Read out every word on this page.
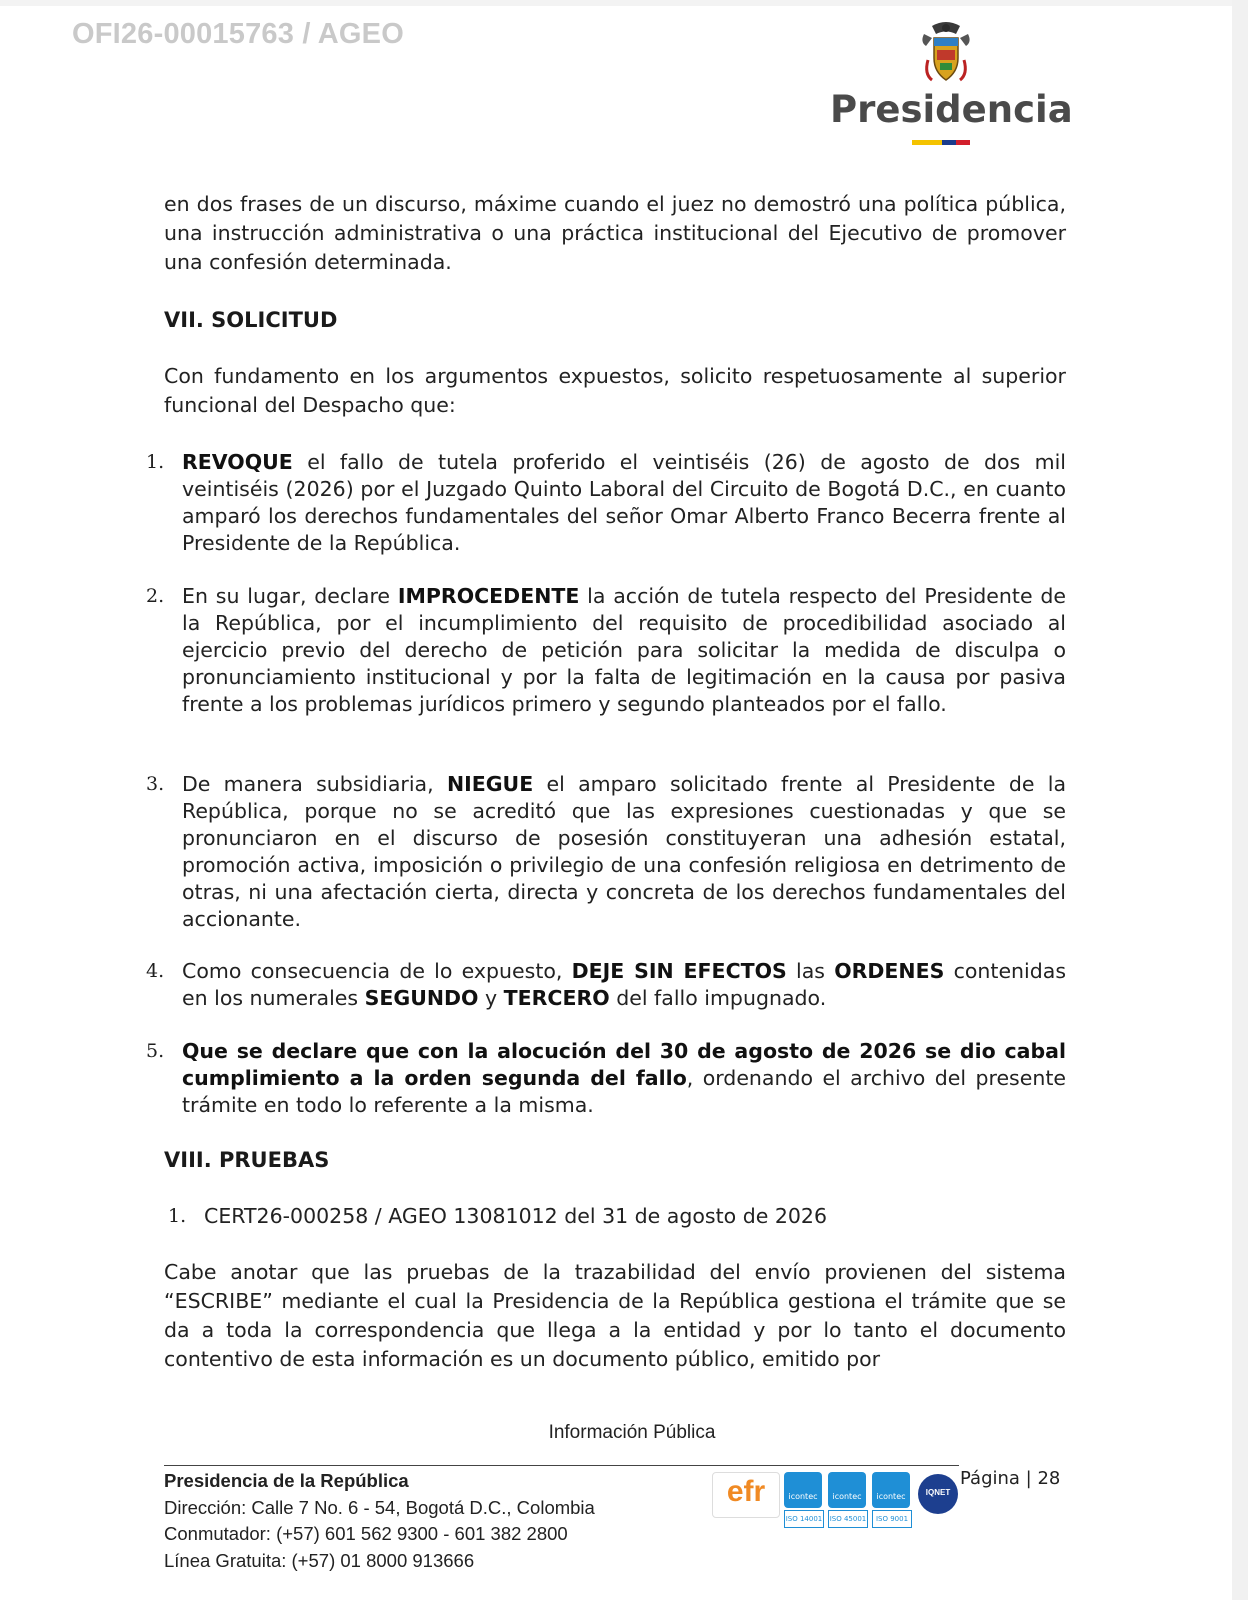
OFI26-00015763 / AGEO
Presidencia

en dos frases de un discurso, máxime cuando el juez no demostró una política pública, una instrucción administrativa o una práctica institucional del Ejecutivo de promover una confesión determinada.

VII. SOLICITUD

Con fundamento en los argumentos expuestos, solicito respetuosamente al superior funcional del Despacho que:

1. REVOQUE el fallo de tutela proferido el veintiséis (26) de agosto de dos mil veintiséis (2026) por el Juzgado Quinto Laboral del Circuito de Bogotá D.C., en cuanto amparó los derechos fundamentales del señor Omar Alberto Franco Becerra frente al Presidente de la República.

2. En su lugar, declare IMPROCEDENTE la acción de tutela respecto del Presidente de la República, por el incumplimiento del requisito de procedibilidad asociado al ejercicio previo del derecho de petición para solicitar la medida de disculpa o pronunciamiento institucional y por la falta de legitimación en la causa por pasiva frente a los problemas jurídicos primero y segundo planteados por el fallo.

3. De manera subsidiaria, NIEGUE el amparo solicitado frente al Presidente de la República, porque no se acreditó que las expresiones cuestionadas y que se pronunciaron en el discurso de posesión constituyeran una adhesión estatal, promoción activa, imposición o privilegio de una confesión religiosa en detrimento de otras, ni una afectación cierta, directa y concreta de los derechos fundamentales del accionante.

4. Como consecuencia de lo expuesto, DEJE SIN EFECTOS las ORDENES contenidas en los numerales SEGUNDO y TERCERO del fallo impugnado.

5. Que se declare que con la alocución del 30 de agosto de 2026 se dio cabal cumplimiento a la orden segunda del fallo, ordenando el archivo del presente trámite en todo lo referente a la misma.

VIII. PRUEBAS
1. CERT26-000258 / AGEO 13081012 del 31 de agosto de 2026

Cabe anotar que las pruebas de la trazabilidad del envío provienen del sistema “ESCRIBE” mediante el cual la Presidencia de la República gestiona el trámite que se da a toda la correspondencia que llega a la entidad y por lo tanto el documento contentivo de esta información es un documento público, emitido por

Información Pública
Presidencia de la República
Dirección: Calle 7 No. 6 - 54, Bogotá D.C., Colombia
Conmutador: (+57) 601 562 9300 - 601 382 2800
Línea Gratuita: (+57) 01 8000 913666
efr	icontec
ISO 14001
icontec
ISO 45001
icontec
ISO 9001
IQNET
Página | 28
